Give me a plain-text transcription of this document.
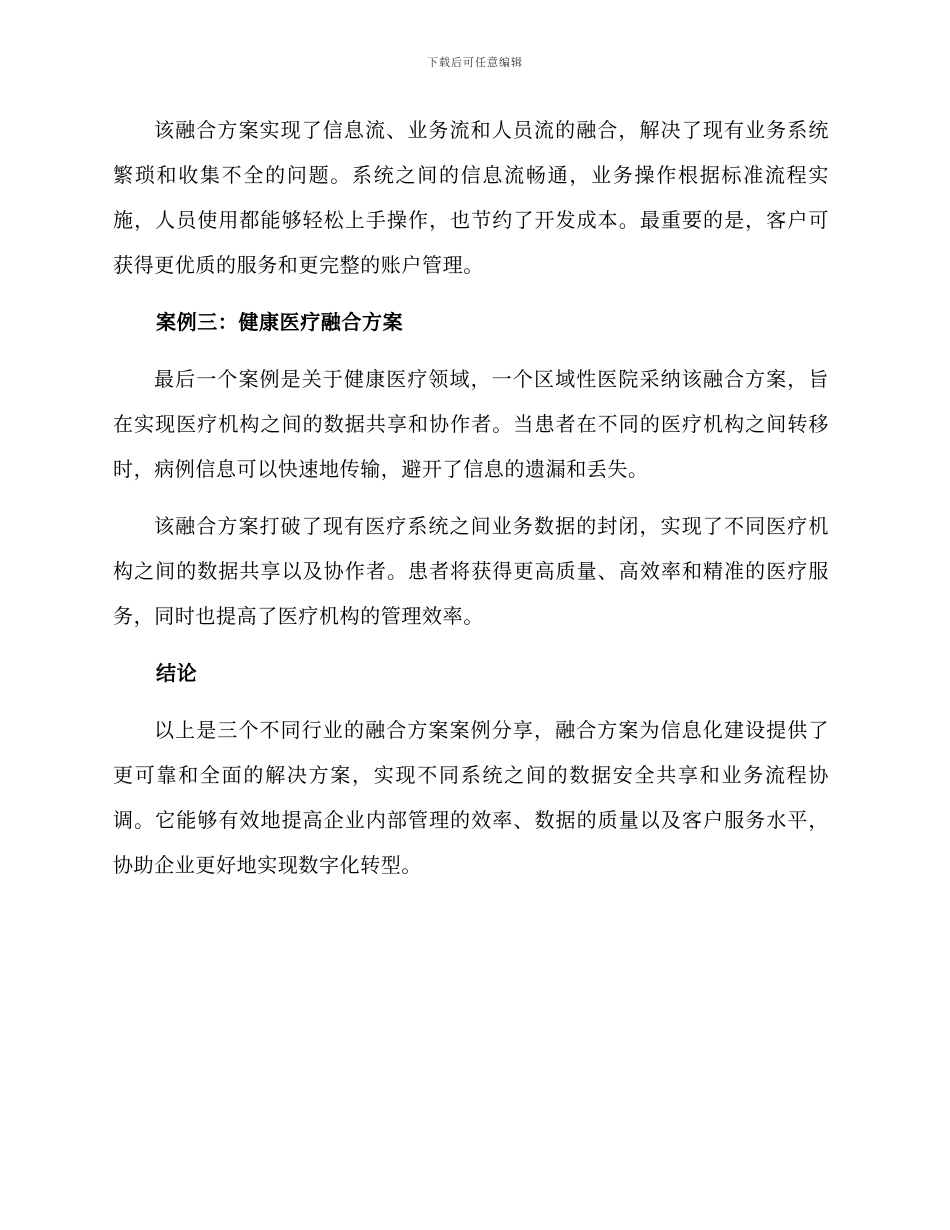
下载后可任意编辑

该融合方案实现了信息流、业务流和人员流的融合，解决了现有业务系统繁琐和收集不全的问题。系统之间的信息流畅通，业务操作根据标准流程实施，人员使用都能够轻松上手操作，也节约了开发成本。最重要的是，客户可获得更优质的服务和更完整的账户管理。

案例三：健康医疗融合方案

最后一个案例是关于健康医疗领域，一个区域性医院采纳该融合方案，旨在实现医疗机构之间的数据共享和协作者。当患者在不同的医疗机构之间转移时，病例信息可以快速地传输，避开了信息的遗漏和丢失。

该融合方案打破了现有医疗系统之间业务数据的封闭，实现了不同医疗机构之间的数据共享以及协作者。患者将获得更高质量、高效率和精准的医疗服务，同时也提高了医疗机构的管理效率。

结论

以上是三个不同行业的融合方案案例分享，融合方案为信息化建设提供了更可靠和全面的解决方案，实现不同系统之间的数据安全共享和业务流程协调。它能够有效地提高企业内部管理的效率、数据的质量以及客户服务水平，协助企业更好地实现数字化转型。
